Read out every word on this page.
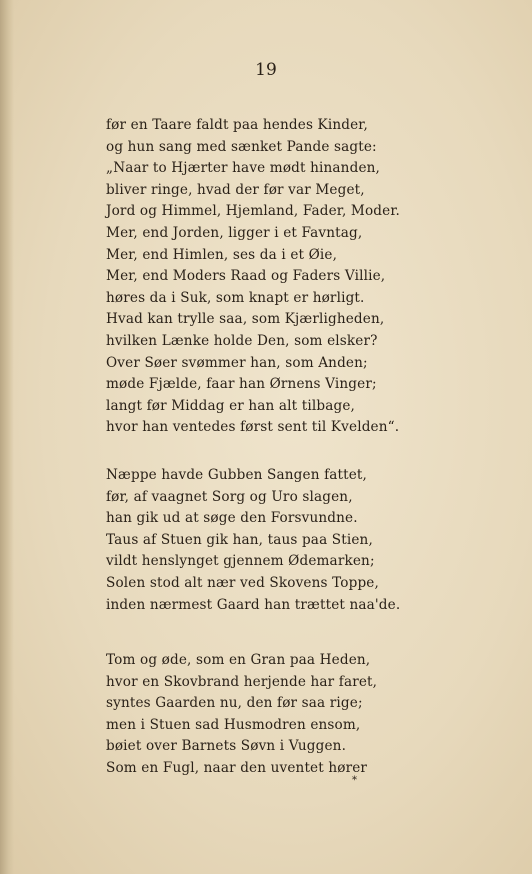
19
før en Taare faldt paa hendes Kinder,
og hun sang med sænket Pande sagte:
„Naar to Hjærter have mødt hinanden,
bliver ringe, hvad der før var Meget,
Jord og Himmel, Hjemland, Fader, Moder.
Mer, end Jorden, ligger i et Favntag,
Mer, end Himlen, ses da i et Øie,
Mer, end Moders Raad og Faders Villie,
høres da i Suk, som knapt er hørligt.
Hvad kan trylle saa, som Kjærligheden,
hvilken Lænke holde Den, som elsker?
Over Søer svømmer han, som Anden;
møde Fjælde, faar han Ørnens Vinger;
langt før Middag er han alt tilbage,
hvor han ventedes først sent til Kvelden“.
Næppe havde Gubben Sangen fattet,
før, af vaagnet Sorg og Uro slagen,
han gik ud at søge den Forsvundne.
Taus af Stuen gik han, taus paa Stien,
vildt henslynget gjennem Ødemarken;
Solen stod alt nær ved Skovens Toppe,
inden nærmest Gaard han trættet naa'de.
Tom og øde, som en Gran paa Heden,
hvor en Skovbrand herjende har faret,
syntes Gaarden nu, den før saa rige;
men i Stuen sad Husmodren ensom,
bøiet over Barnets Søvn i Vuggen.
Som en Fugl, naar den uventet hører
*
